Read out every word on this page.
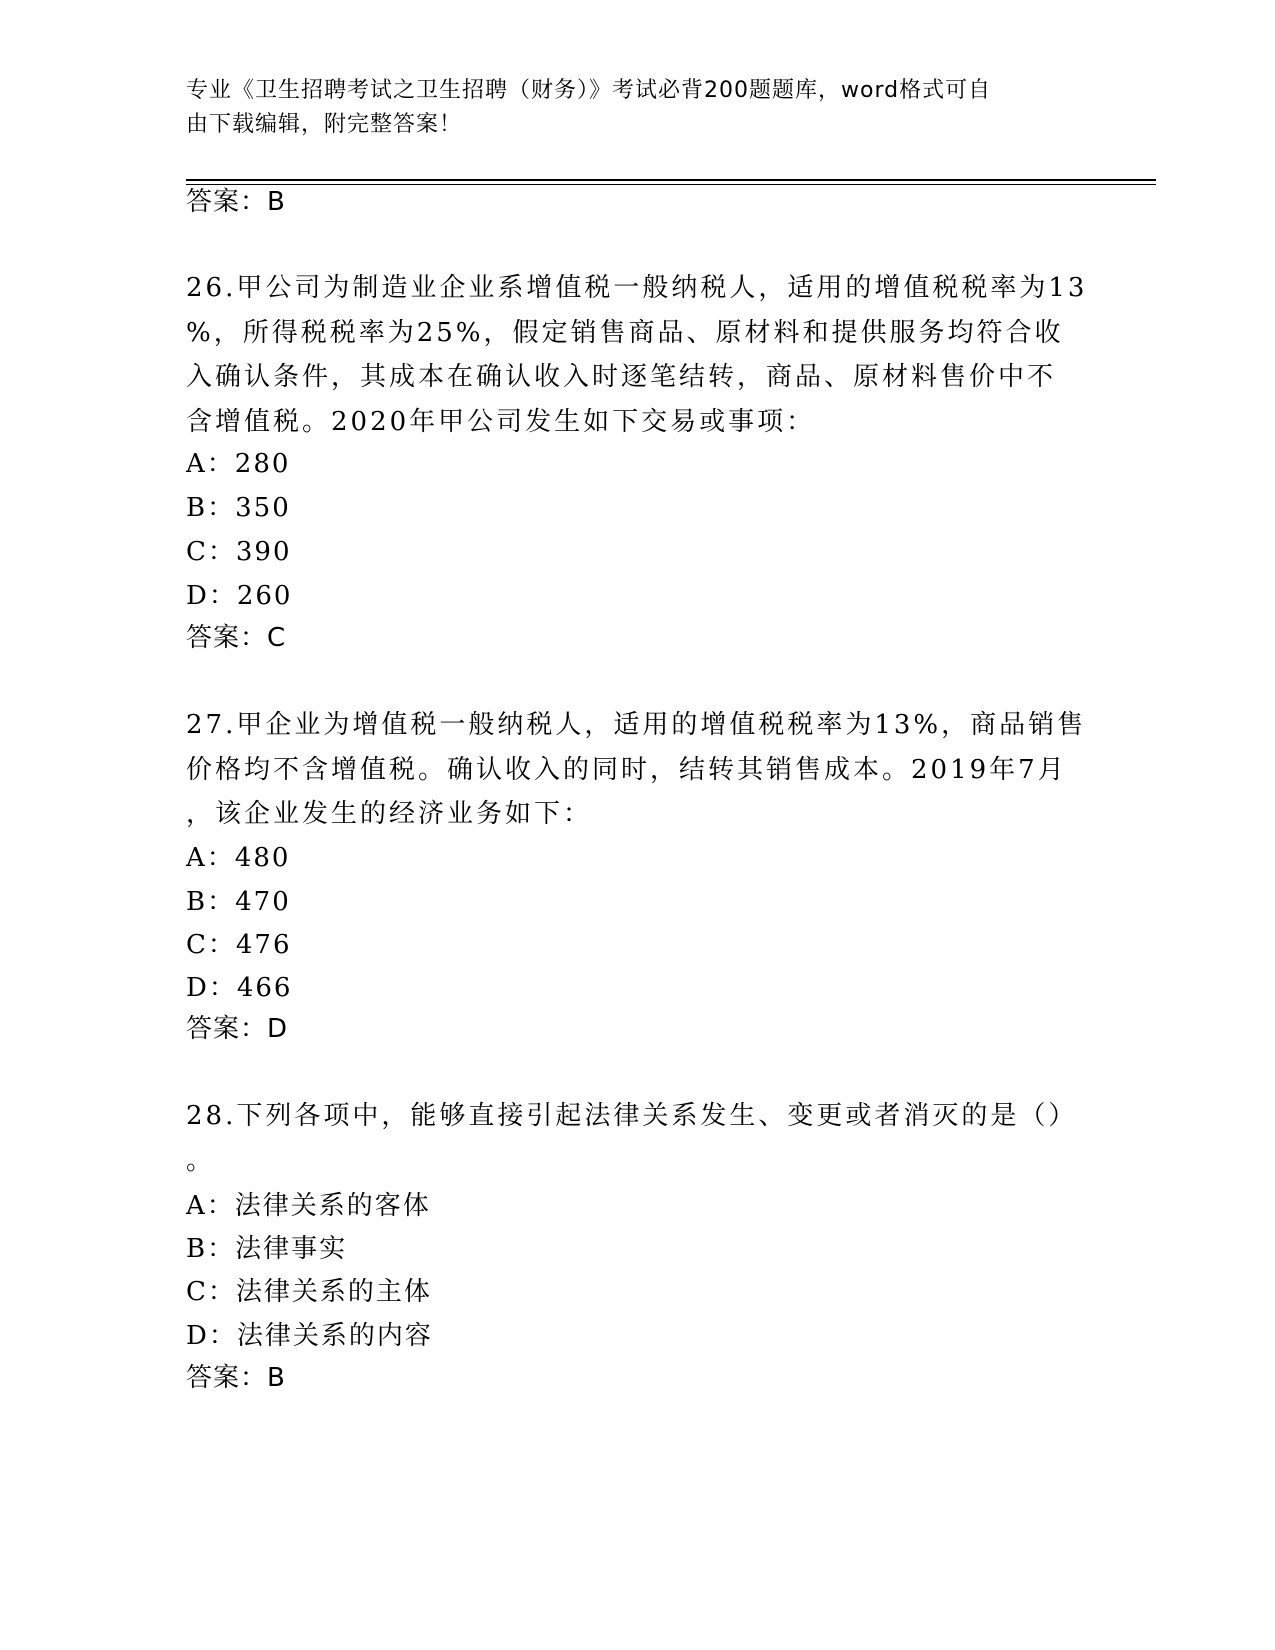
专业《卫生招聘考试之卫生招聘（财务）》考试必背200题题库，word格式可自
由下载编辑，附完整答案！
答案：B
26.甲公司为制造业企业系增值税一般纳税人，适用的增值税税率为13
%，所得税税率为25%，假定销售商品、原材料和提供服务均符合收
入确认条件，其成本在确认收入时逐笔结转，商品、原材料售价中不
含增值税。2020年甲公司发生如下交易或事项：
A：280
B：350
C：390
D：260
答案：C
27.甲企业为增值税一般纳税人，适用的增值税税率为13%，商品销售
价格均不含增值税。确认收入的同时，结转其销售成本。2019年7月
，该企业发生的经济业务如下：
A：480
B：470
C：476
D：466
答案：D
28.下列各项中，能够直接引起法律关系发生、变更或者消灭的是（）
。
A：法律关系的客体
B：法律事实
C：法律关系的主体
D：法律关系的内容
答案：B
